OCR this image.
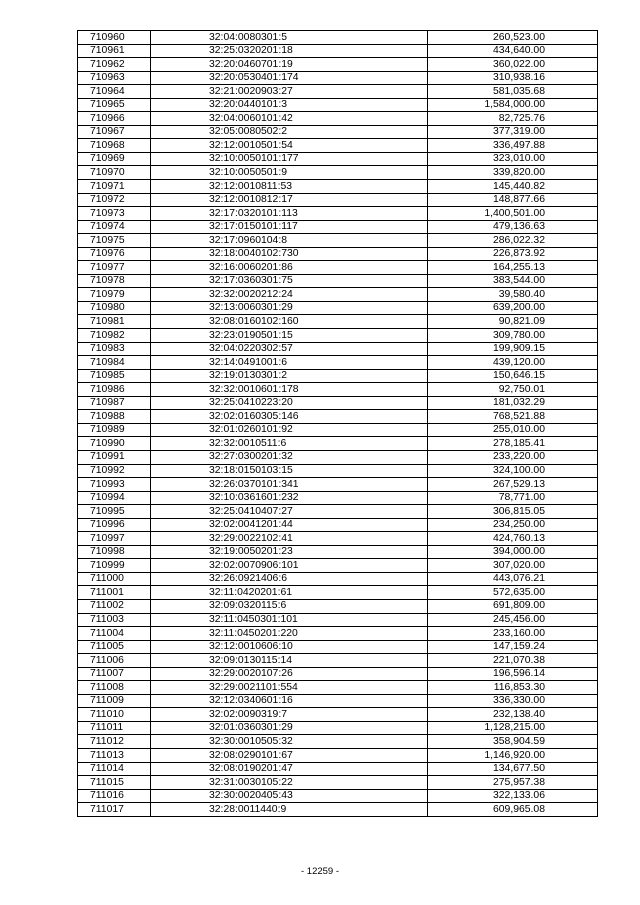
710960	32:04:0080301:5	260,523.00
710961	32:25:0320201:18	434,640.00
710962	32:20:0460701:19	360,022.00
710963	32:20:0530401:174	310,938.16
710964	32:21:0020903:27	581,035.68
710965	32:20:0440101:3	1,584,000.00
710966	32:04:0060101:42	82,725.76
710967	32:05:0080502:2	377,319.00
710968	32:12:0010501:54	336,497.88
710969	32:10:0050101:177	323,010.00
710970	32:10:0050501:9	339,820.00
710971	32:12:0010811:53	145,440.82
710972	32:12:0010812:17	148,877.66
710973	32:17:0320101:113	1,400,501.00
710974	32:17:0150101:117	479,136.63
710975	32:17:0960104:8	286,022.32
710976	32:18:0040102:730	226,873.92
710977	32:16:0060201:86	164,255.13
710978	32:17:0360301:75	383,544.00
710979	32:32:0020212:24	39,580.40
710980	32:13:0060301:29	639,200.00
710981	32:08:0160102:160	90,821.09
710982	32:23:0190501:15	309,780.00
710983	32:04:0220302:57	199,909.15
710984	32:14:0491001:6	439,120.00
710985	32:19:0130301:2	150,646.15
710986	32:32:0010601:178	92,750.01
710987	32:25:0410223:20	181,032.29
710988	32:02:0160305:146	768,521.88
710989	32:01:0260101:92	255,010.00
710990	32:32:0010511:6	278,185.41
710991	32:27:0300201:32	233,220.00
710992	32:18:0150103:15	324,100.00
710993	32:26:0370101:341	267,529.13
710994	32:10:0361601:232	78,771.00
710995	32:25:0410407:27	306,815.05
710996	32:02:0041201:44	234,250.00
710997	32:29:0022102:41	424,760.13
710998	32:19:0050201:23	394,000.00
710999	32:02:0070906:101	307,020.00
711000	32:26:0921406:6	443,076.21
711001	32:11:0420201:61	572,635.00
711002	32:09:0320115:6	691,809.00
711003	32:11:0450301:101	245,456.00
711004	32:11:0450201:220	233,160.00
711005	32:12:0010606:10	147,159.24
711006	32:09:0130115:14	221,070.38
711007	32:29:0020107:26	196,596.14
711008	32:29:0021101:554	116,853.30
711009	32:12:0340601:16	336,330.00
711010	32:02:0090319:7	232,138.40
711011	32:01:0360301:29	1,128,215.00
711012	32:30:0010505:32	358,904.59
711013	32:08:0290101:67	1,146,920.00
711014	32:08:0190201:47	134,677.50
711015	32:31:0030105:22	275,957.38
711016	32:30:0020405:43	322,133.06
711017	32:28:0011440:9	609,965.08
- 12259 -
